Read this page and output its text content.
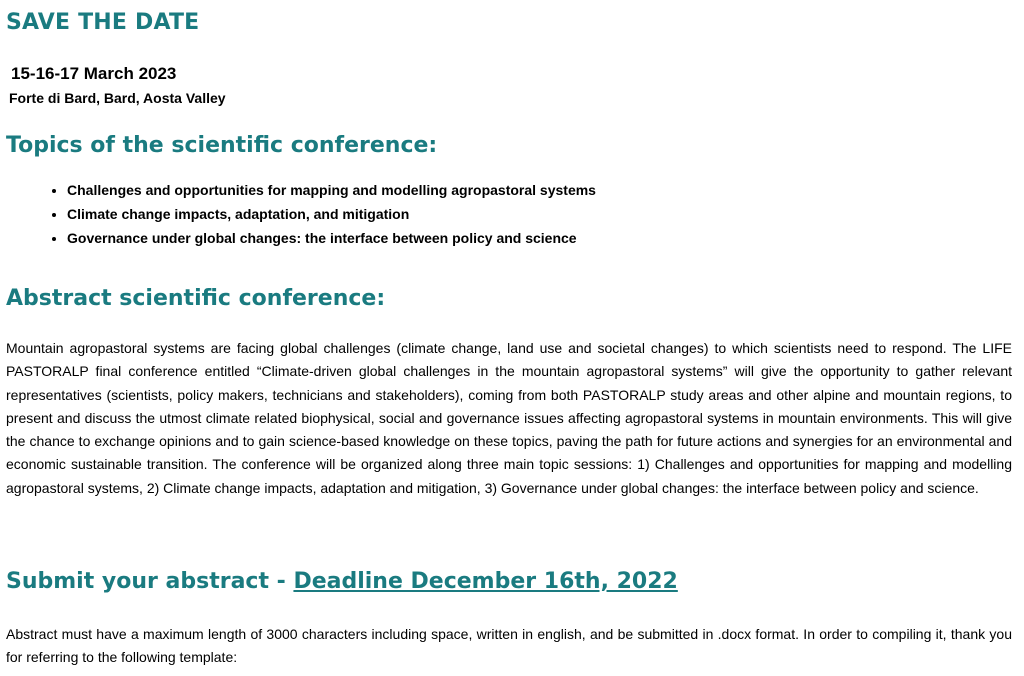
SAVE THE DATE

15-16-17 March 2023

Forte di Bard, Bard, Aosta Valley

Topics of the scientific conference:
• Challenges and opportunities for mapping and modelling agropastoral systems
• Climate change impacts, adaptation, and mitigation
• Governance under global changes: the interface between policy and science
Abstract scientific conference:

Mountain agropastoral systems are facing global challenges (climate change, land use and societal changes) to which scientists need to respond. The LIFE PASTORALP final conference entitled “Climate-driven global challenges in the mountain agropastoral systems” will give the opportunity to gather relevant representatives (scientists, policy makers, technicians and stakeholders), coming from both PASTORALP study areas and other alpine and mountain regions, to present and discuss the utmost climate related biophysical, social and governance issues affecting agropastoral systems in mountain environments. This will give the chance to exchange opinions and to gain science-based knowledge on these topics, paving the path for future actions and synergies for an environmental and economic sustainable transition. The conference will be organized along three main topic sessions: 1) Challenges and opportunities for mapping and modelling agropastoral systems, 2) Climate change impacts, adaptation and mitigation, 3) Governance under global changes: the interface between policy and science.

Submit your abstract - Deadline December 16th, 2022

Abstract must have a maximum length of 3000 characters including space, written in english, and be submitted in .docx format. In order to compiling it, thank you for referring to the following template:
